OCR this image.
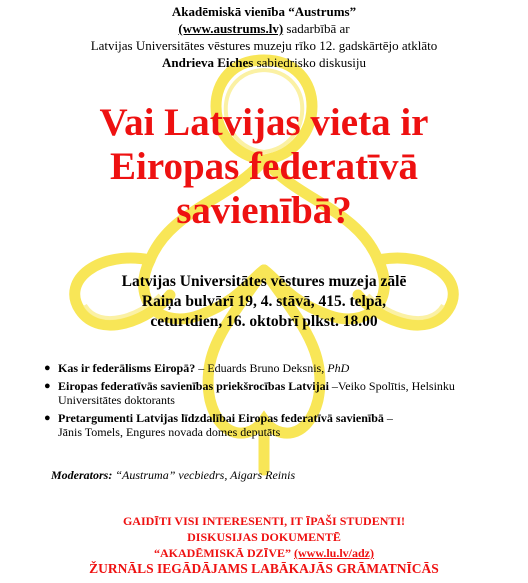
Akadēmiskā vienība “Austrums”
(www.austrums.lv) sadarbībā ar
Latvijas Universitātes vēstures muzeju rīko 12. gadskārtējo atklāto
Andrieva Eiches sabiedrisko diskusiju
Vai Latvijas vieta ir
Eiropas federatīvā
savienībā?
Latvijas Universitātes vēstures muzeja zālē
Raiņa bulvārī 19, 4. stāvā, 415. telpā,
ceturtdien, 16. oktobrī plkst. 18.00
● Kas ir federālisms Eiropā? – Eduards Bruno Deksnis, PhD
● Eiropas federatīvās savienības priekšrocības Latvijai –Veiko Spolītis, Helsinku Universitātes doktorants
● Pretargumenti Latvijas līdzdalībai Eiropas federatīvā savienībā –
Jānis Tomels, Engures novada domes deputāts
Moderators: “Austruma” vecbiedrs, Aigars Reinis
GAIDĪTI VISI INTERESENTI, IT ĪPAŠI STUDENTI!
DISKUSIJAS DOKUMENTĒ
“AKADĒMISKĀ DZĪVE” (www.lu.lv/adz)
ŽURNĀLS IEGĀDĀJAMS LABĀKAJĀS GRĀMATNĪCĀS
